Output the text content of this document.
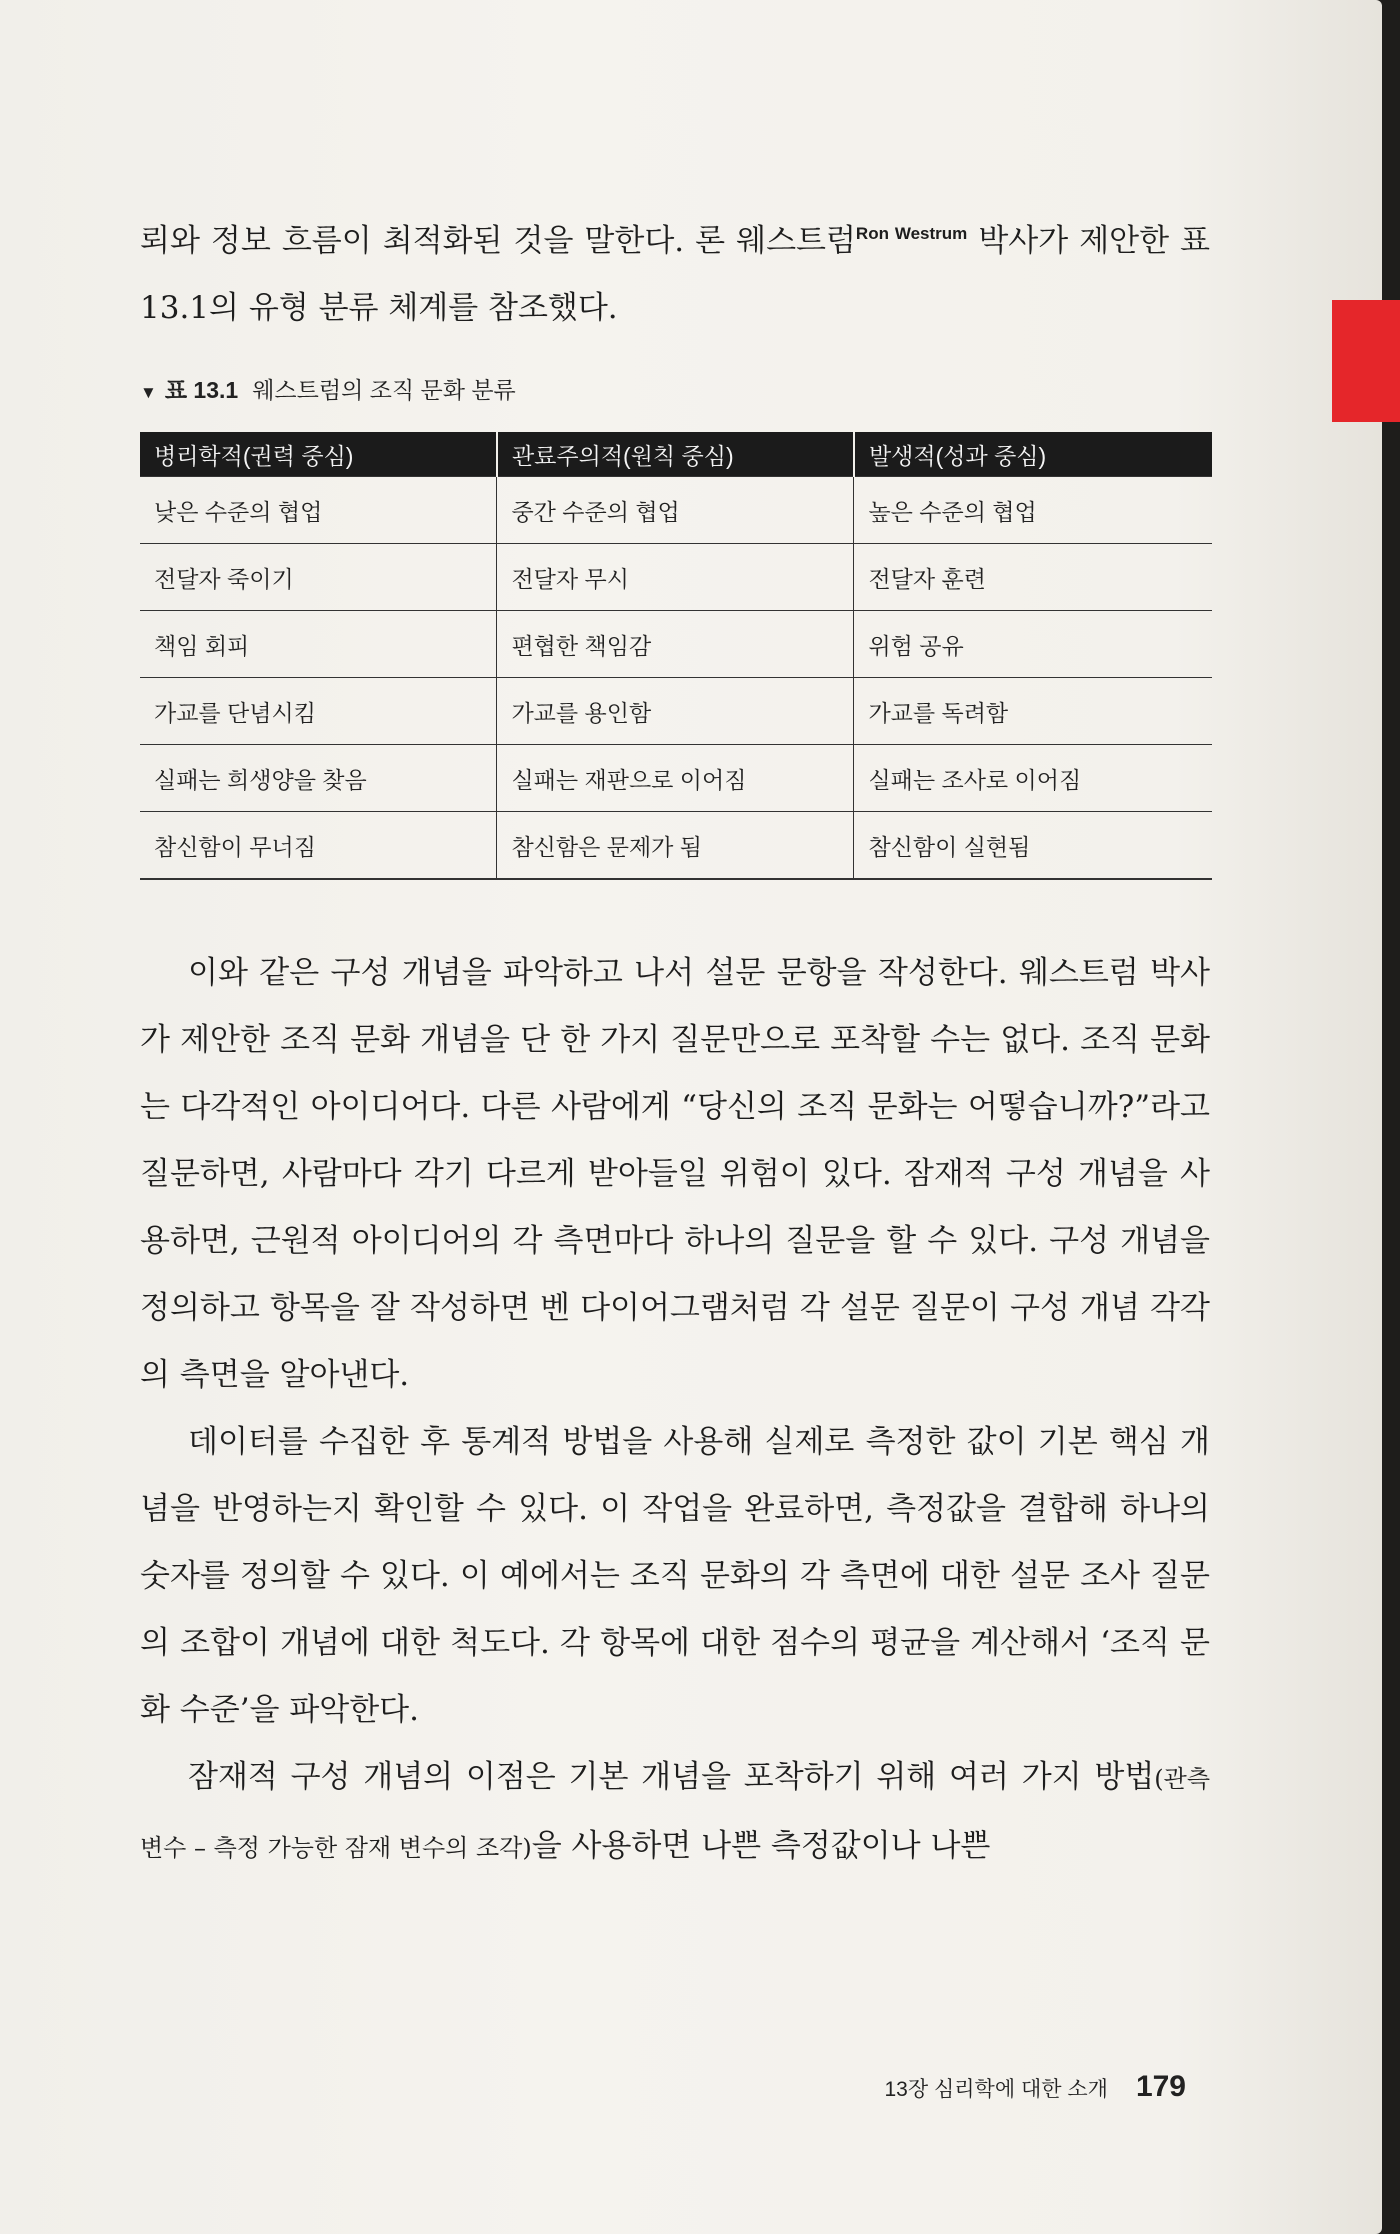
뢰와 정보 흐름이 최적화된 것을 말한다. 론 웨스트럼$^{Ron Westrum}$ 박사가 제안한 표 13.1의 유형 분류 체계를 참조했다.

▼ 표 13.1 웨스트럼의 조직 문화 분류
병리학적(권력 중심)	관료주의적(원칙 중심)	발생적(성과 중심)
낮은 수준의 협업	중간 수준의 협업	높은 수준의 협업
전달자 죽이기	전달자 무시	전달자 훈련
책임 회피	편협한 책임감	위험 공유
가교를 단념시킴	가교를 용인함	가교를 독려함
실패는 희생양을 찾음	실패는 재판으로 이어짐	실패는 조사로 이어짐
참신함이 무너짐	참신함은 문제가 됨	참신함이 실현됨

이와 같은 구성 개념을 파악하고 나서 설문 문항을 작성한다. 웨스트럼 박사가 제안한 조직 문화 개념을 단 한 가지 질문만으로 포착할 수는 없다. 조직 문화는 다각적인 아이디어다. 다른 사람에게 “당신의 조직 문화는 어떻습니까?”라고 질문하면, 사람마다 각기 다르게 받아들일 위험이 있다. 잠재적 구성 개념을 사용하면, 근원적 아이디어의 각 측면마다 하나의 질문을 할 수 있다. 구성 개념을 정의하고 항목을 잘 작성하면 벤 다이어그램처럼 각 설문 질문이 구성 개념 각각의 측면을 알아낸다.

데이터를 수집한 후 통계적 방법을 사용해 실제로 측정한 값이 기본 핵심 개념을 반영하는지 확인할 수 있다. 이 작업을 완료하면, 측정값을 결합해 하나의 숫자를 정의할 수 있다. 이 예에서는 조직 문화의 각 측면에 대한 설문 조사 질문의 조합이 개념에 대한 척도다. 각 항목에 대한 점수의 평균을 계산해서 ‘조직 문화 수준’을 파악한다.

잠재적 구성 개념의 이점은 기본 개념을 포착하기 위해 여러 가지 방법(관측 변수 – 측정 가능한 잠재 변수의 조각)을 사용하면 나쁜 측정값이나 나쁜

13장 심리학에 대한 소개 179
